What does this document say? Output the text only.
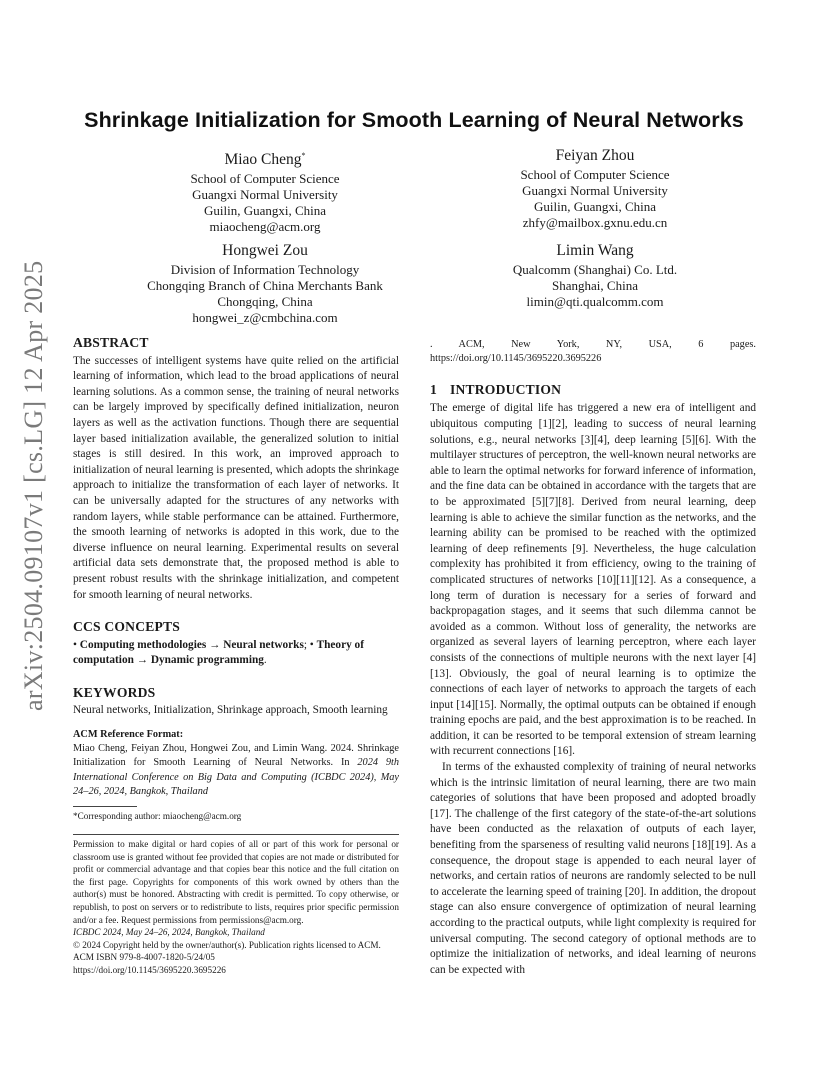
arXiv:2504.09107v1 [cs.LG] 12 Apr 2025
Shrinkage Initialization for Smooth Learning of Neural Networks
Miao Cheng*
School of Computer Science
Guangxi Normal University
Guilin, Guangxi, China
miaocheng@acm.org
Feiyan Zhou
School of Computer Science
Guangxi Normal University
Guilin, Guangxi, China
zhfy@mailbox.gxnu.edu.cn
Hongwei Zou
Division of Information Technology
Chongqing Branch of China Merchants Bank
Chongqing, China
hongwei_z@cmbchina.com
Limin Wang
Qualcomm (Shanghai) Co. Ltd.
Shanghai, China
limin@qti.qualcomm.com
ABSTRACT

The successes of intelligent systems have quite relied on the artificial learning of information, which lead to the broad applications of neural learning solutions. As a common sense, the training of neural networks can be largely improved by specifically defined initialization, neuron layers as well as the activation functions. Though there are sequential layer based initialization available, the generalized solution to initial stages is still desired. In this work, an improved approach to initialization of neural learning is presented, which adopts the shrinkage approach to initialize the transformation of each layer of networks. It can be universally adapted for the structures of any networks with random layers, while stable performance can be attained. Furthermore, the smooth learning of networks is adopted in this work, due to the diverse influence on neural learning. Experimental results on several artificial data sets demonstrate that, the proposed method is able to present robust results with the shrinkage initialization, and competent for smooth learning of neural networks.

CCS CONCEPTS

• Computing methodologies → Neural networks; • Theory of computation → Dynamic programming.

KEYWORDS

Neural networks, Initialization, Shrinkage approach, Smooth learning

ACM Reference Format:

Miao Cheng, Feiyan Zhou, Hongwei Zou, and Limin Wang. 2024. Shrinkage Initialization for Smooth Learning of Neural Networks. In 2024 9th International Conference on Big Data and Computing (ICBDC 2024), May 24–26, 2024, Bangkok, Thailand

*Corresponding author: miaocheng@acm.org
Permission to make digital or hard copies of all or part of this work for personal or classroom use is granted without fee provided that copies are not made or distributed for profit or commercial advantage and that copies bear this notice and the full citation on the first page. Copyrights for components of this work owned by others than the author(s) must be honored. Abstracting with credit is permitted. To copy otherwise, or republish, to post on servers or to redistribute to lists, requires prior specific permission and/or a fee. Request permissions from permissions@acm.org.
ICBDC 2024, May 24–26, 2024, Bangkok, Thailand
© 2024 Copyright held by the owner/author(s). Publication rights licensed to ACM.
ACM ISBN 979-8-4007-1820-5/24/05
https://doi.org/10.1145/3695220.3695226

. ACM, New York, NY, USA, 6 pages. https://doi.org/10.1145/3695220.3695226

1 INTRODUCTION

The emerge of digital life has triggered a new era of intelligent and ubiquitous computing [1][2], leading to success of neural learning solutions, e.g., neural networks [3][4], deep learning [5][6]. With the multilayer structures of perceptron, the well-known neural networks are able to learn the optimal networks for forward inference of information, and the fine data can be obtained in accordance with the targets that are to be approximated [5][7][8]. Derived from neural learning, deep learning is able to achieve the similar function as the networks, and the learning ability can be promised to be reached with the optimized learning of deep refinements [9]. Nevertheless, the huge calculation complexity has prohibited it from efficiency, owing to the training of complicated structures of networks [10][11][12]. As a consequence, a long term of duration is necessary for a series of forward and backpropagation stages, and it seems that such dilemma cannot be avoided as a common. Without loss of generality, the networks are organized as several layers of learning perceptron, where each layer consists of the connections of multiple neurons with the next layer [4][13]. Obviously, the goal of neural learning is to optimize the connections of each layer of networks to approach the targets of each input [14][15]. Normally, the optimal outputs can be obtained if enough training epochs are paid, and the best approximation is to be reached. In addition, it can be resorted to be temporal extension of stream learning with recurrent connections [16].

In terms of the exhausted complexity of training of neural networks which is the intrinsic limitation of neural learning, there are two main categories of solutions that have been proposed and adopted broadly [17]. The challenge of the first category of the state-of-the-art solutions have been conducted as the relaxation of outputs of each layer, benefiting from the sparseness of resulting valid neurons [18][19]. As a consequence, the dropout stage is appended to each neural layer of networks, and certain ratios of neurons are randomly selected to be null to accelerate the learning speed of training [20]. In addition, the dropout stage can also ensure convergence of optimization of neural learning according to the practical outputs, while light complexity is required for universal computing. The second category of optional methods are to optimize the initialization of networks, and ideal learning of neurons can be expected with
